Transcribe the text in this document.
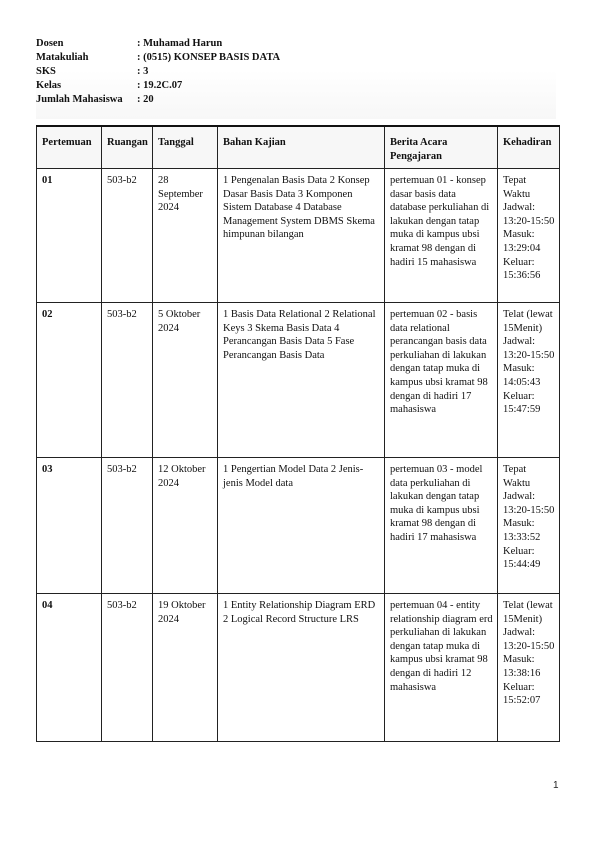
Dosen	: Muhamad Harun
Matakuliah	: (0515) KONSEP BASIS DATA
SKS	: 3
Kelas	: 19.2C.07
Jumlah Mahasiswa : 20
Pertemuan	Ruangan	Tanggal	Bahan Kajian	Berita Acara Pengajaran	Kehadiran
01	503-b2	28 September 2024	1 Pengenalan Basis Data 2 Konsep Dasar Basis Data 3 Komponen Sistem Database 4 Database Management System DBMS Skema himpunan bilangan	pertemuan 01 - konsep dasar basis data database perkuliahan di lakukan dengan tatap muka di kampus ubsi kramat 98 dengan di hadiri 15 mahasiswa	Tepat Waktu Jadwal: 13:20-15:50 Masuk: 13:29:04 Keluar: 15:36:56
02	503-b2	5 Oktober 2024	1 Basis Data Relational 2 Relational Keys 3 Skema Basis Data 4 Perancangan Basis Data 5 Fase Perancangan Basis Data	pertemuan 02 - basis data relational perancangan basis data perkuliahan di lakukan dengan tatap muka di kampus ubsi kramat 98 dengan di hadiri 17 mahasiswa	Telat (lewat 15Menit) Jadwal: 13:20-15:50 Masuk: 14:05:43 Keluar: 15:47:59
03	503-b2	12 Oktober 2024	1 Pengertian Model Data 2 Jenis-jenis Model data	pertemuan 03 - model data perkuliahan di lakukan dengan tatap muka di kampus ubsi kramat 98 dengan di hadiri 17 mahasiswa	Tepat Waktu Jadwal: 13:20-15:50 Masuk: 13:33:52 Keluar: 15:44:49
04	503-b2	19 Oktober 2024	1 Entity Relationship Diagram ERD 2 Logical Record Structure LRS	pertemuan 04 - entity relationship diagram erd perkuliahan di lakukan dengan tatap muka di kampus ubsi kramat 98 dengan di hadiri 12 mahasiswa	Telat (lewat 15Menit) Jadwal: 13:20-15:50 Masuk: 13:38:16 Keluar: 15:52:07
1
